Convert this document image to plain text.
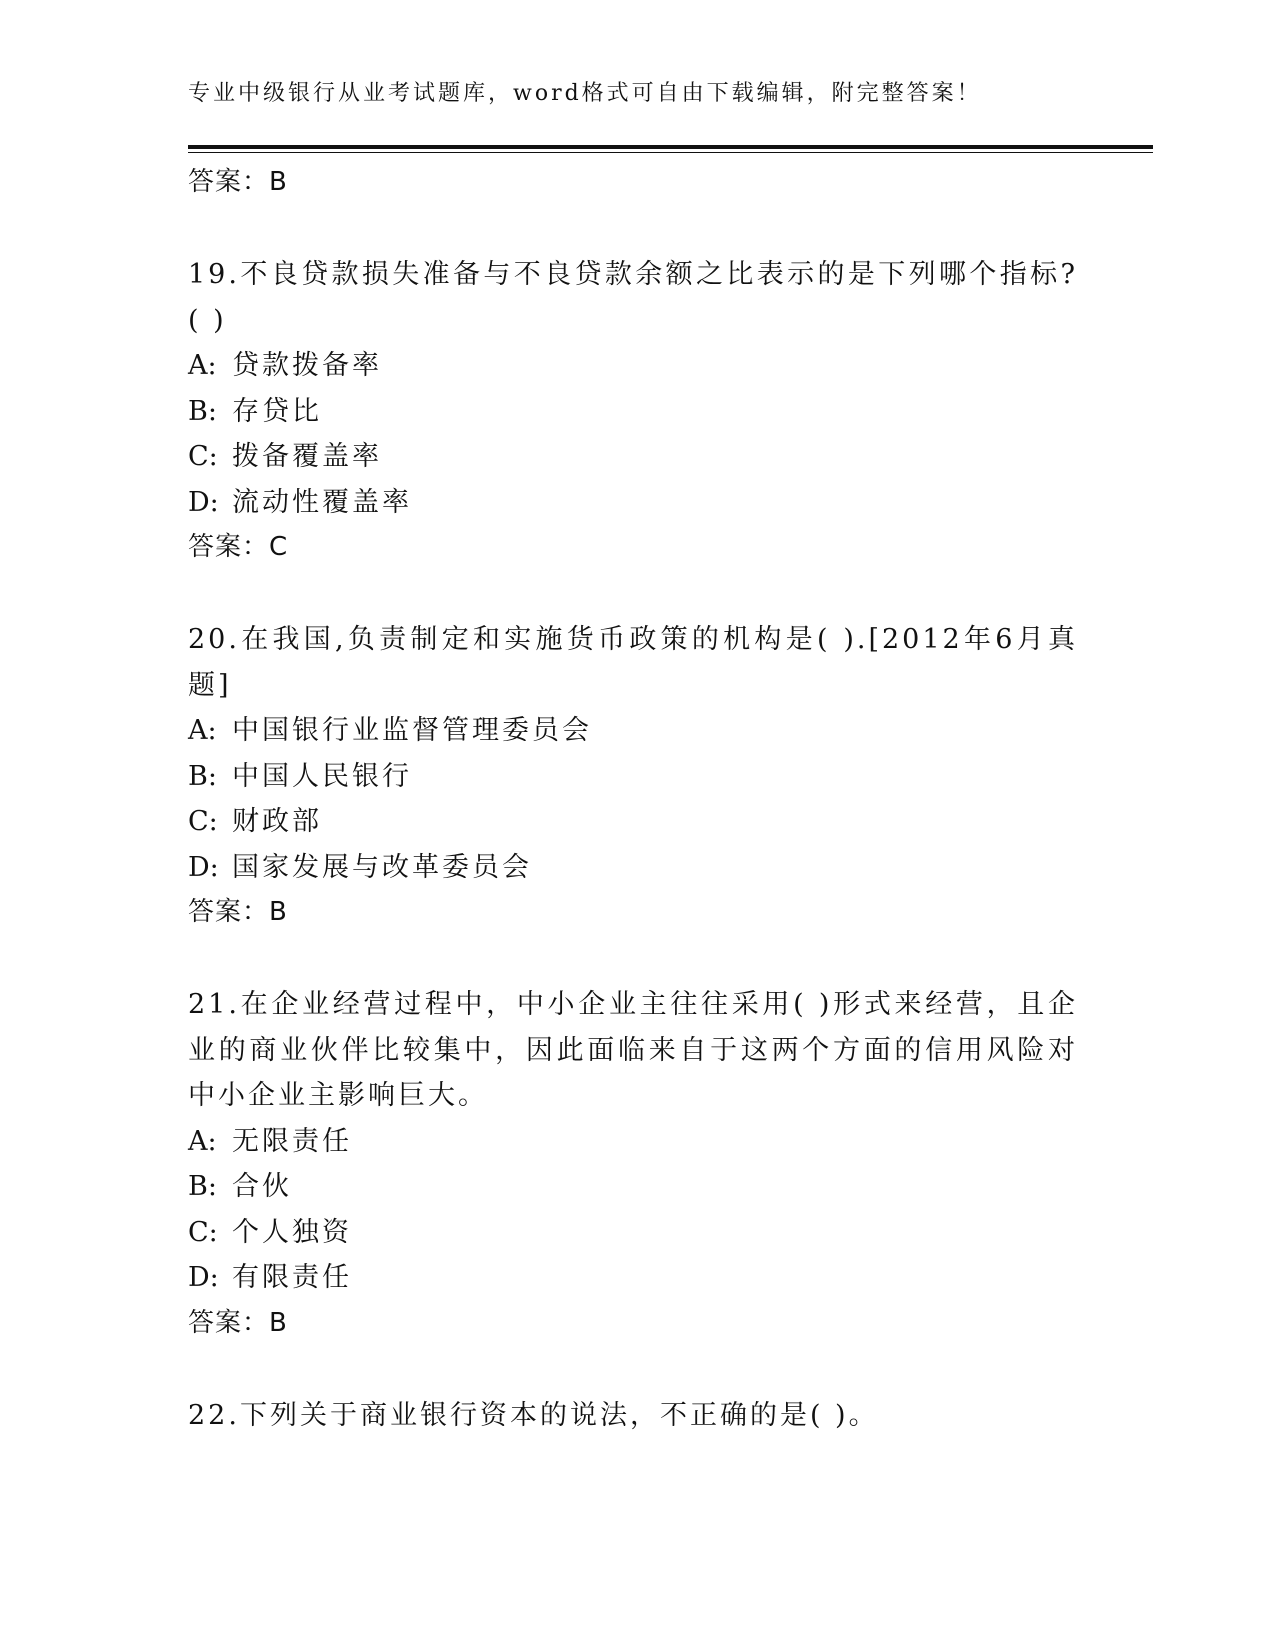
专业中级银行从业考试题库，word格式可自由下载编辑，附完整答案！
答案：B
19.不良贷款损失准备与不良贷款余额之比表示的是下列哪个指标?( )
A: 贷款拨备率
B: 存贷比
C: 拨备覆盖率
D: 流动性覆盖率
答案：C
20.在我国,负责制定和实施货币政策的机构是( ).[2012年6月真题]
A: 中国银行业监督管理委员会
B: 中国人民银行
C: 财政部
D: 国家发展与改革委员会
答案：B
21.在企业经营过程中，中小企业主往往采用( )形式来经营，且企业的商业伙伴比较集中，因此面临来自于这两个方面的信用风险对中小企业主影响巨大。
A: 无限责任
B: 合伙
C: 个人独资
D: 有限责任
答案：B
22.下列关于商业银行资本的说法，不正确的是( )。
